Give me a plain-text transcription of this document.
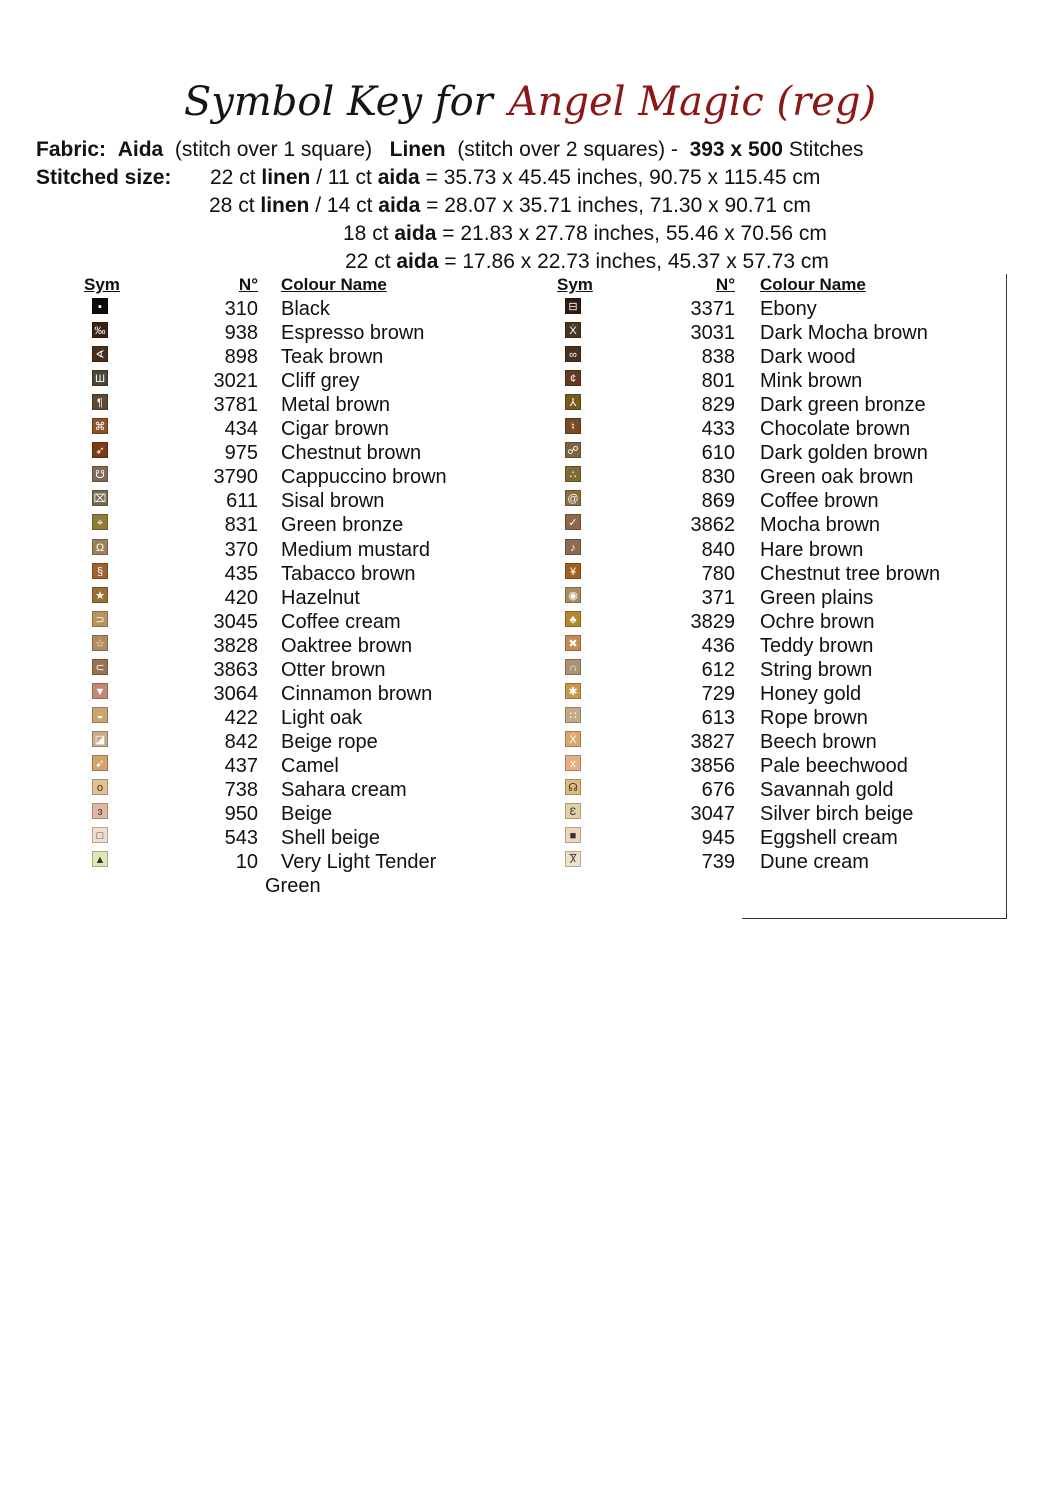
Symbol Key for Angel Magic (reg)
Fabric: Aida (stitch over 1 square) Linen (stitch over 2 squares) - 393 x 500 Stitches
Stitched size: 22 ct linen / 11 ct aida = 35.73 x 45.45 inches, 90.75 x 115.45 cm
28 ct linen / 14 ct aida = 28.07 x 35.71 inches, 71.30 x 90.71 cm
18 ct aida = 21.83 x 27.78 inches, 55.46 x 70.56 cm
22 ct aida = 17.86 x 22.73 inches, 45.37 x 57.73 cm
Sym	N° Colour Name	Sym	N° Colour Name
▪	310 Black
‰	938 Espresso brown
∢	898 Teak brown
Ш	3021 Cliff grey
¶	3781 Metal brown
⌘	434 Cigar brown
➶	975 Chestnut brown
☋	3790 Cappuccino brown
⌧	611 Sisal brown
⌖	831 Green bronze
Ω	370 Medium mustard
§	435 Tabacco brown
★	420 Hazelnut
⊃	3045 Coffee cream
☆	3828 Oaktree brown
⊂	3863 Otter brown
▼	3064 Cinnamon brown
◒	422 Light oak
◪	842 Beige rope
➹	437 Camel
o	738 Sahara cream
ɜ	950 Beige
□	543 Shell beige
▲	10 Very Light Tender
Green
⊟	3371 Ebony
Ẋ	3031 Dark Mocha brown
∞	838 Dark wood
¢	801 Mink brown
⅄	829 Dark green bronze
♮	433 Chocolate brown
☍	610 Dark golden brown
∴	830 Green oak brown
@	869 Coffee brown
✓	3862 Mocha brown
♪	840 Hare brown
¥	780 Chestnut tree brown
◉	371 Green plains
♣	3829 Ochre brown
✖	436 Teddy brown
∩	612 String brown
✱	729 Honey gold
∷	613 Rope brown
Ẍ	3827 Beech brown
x	3856 Pale beechwood
☊	676 Savannah gold
Ɛ	3047 Silver birch beige
■	945 Eggshell cream
Ⴟ	739 Dune cream
